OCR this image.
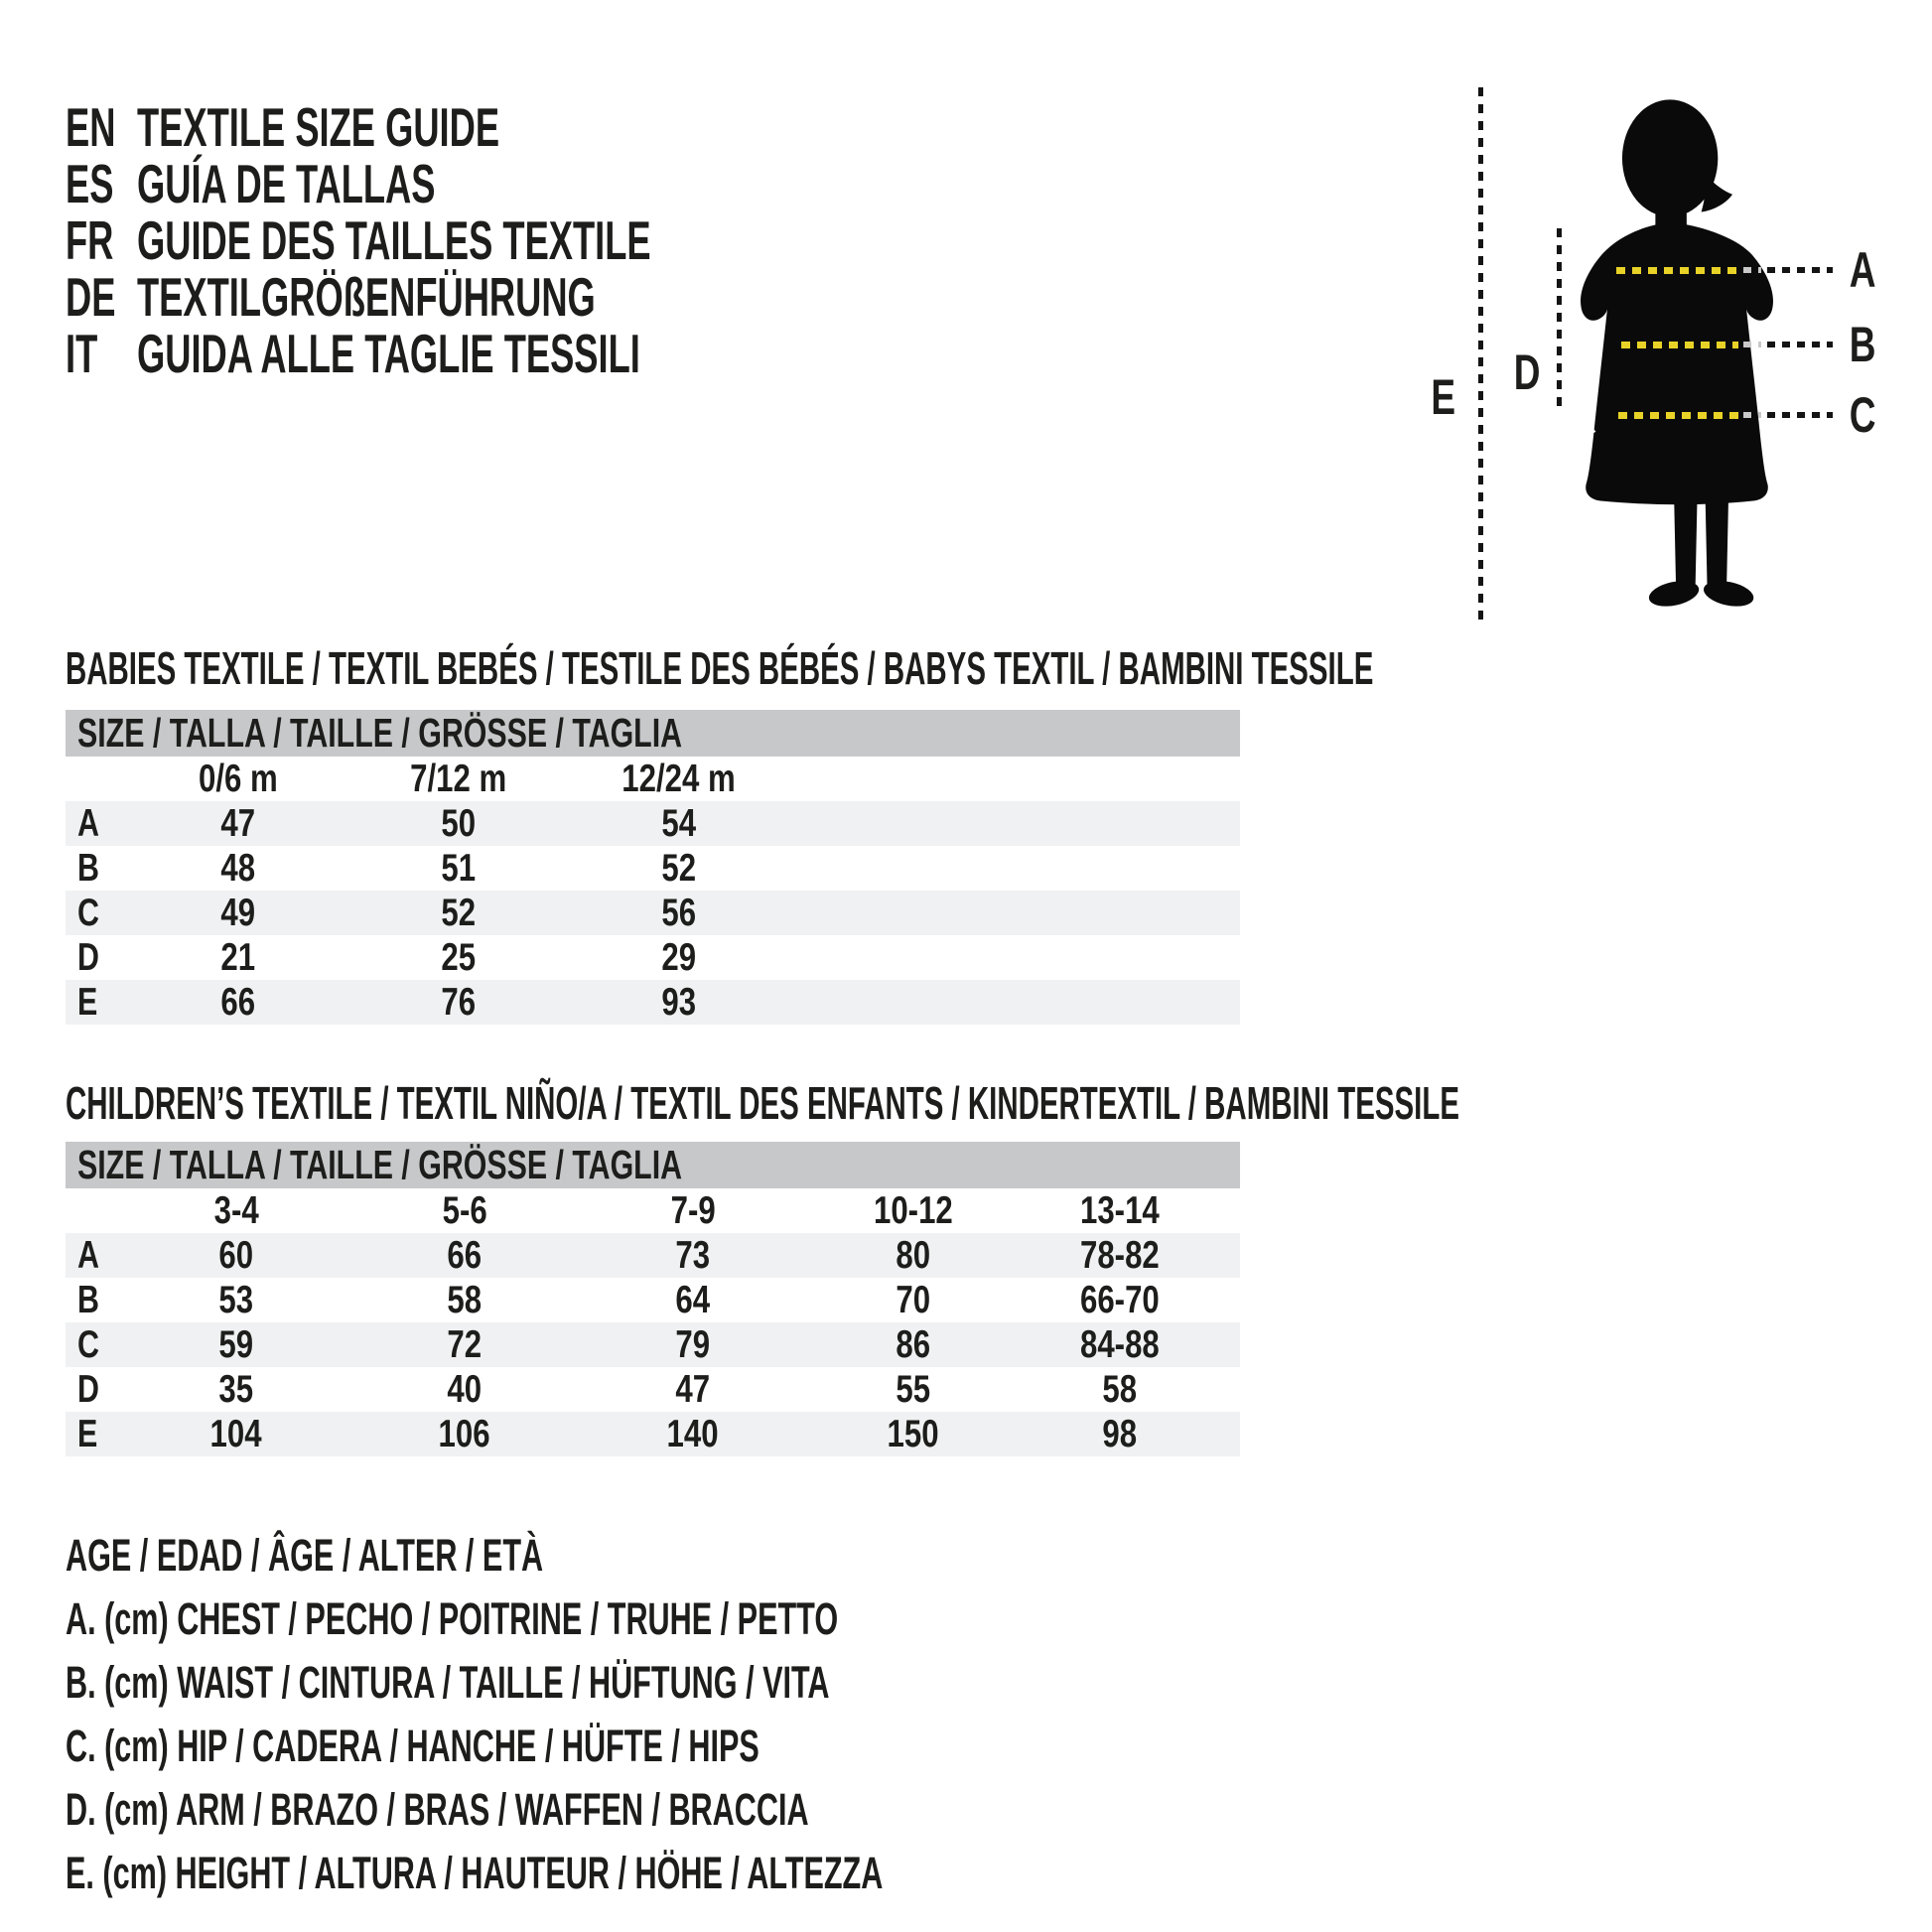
EN TEXTILE SIZE GUIDE
ES GUÍA DE TALLAS
FR GUIDE DES TAILLES TEXTILE
DE TEXTILGRÖßENFÜHRUNG
IT GUIDA ALLE TAGLIE TESSILI
E D
A
B
C
BABIES TEXTILE / TEXTIL BEBÉS / TESTILE DES BÉBÉS / BABYS TEXTIL / BAMBINI TESSILE
SIZE / TALLA / TAILLE / GRÖSSE / TAGLIA
0/6 m	7/12 m	12/24 m
A	47	50	54
B	48	51	52
C	49	52	56
D	21	25	29
E	66	76	93
CHILDREN’S TEXTILE / TEXTIL NIÑO/A / TEXTIL DES ENFANTS / KINDERTEXTIL / BAMBINI TESSILE
SIZE / TALLA / TAILLE / GRÖSSE / TAGLIA
3-4	5-6	7-9	10-12	13-14
A	60	66	73	80	78-82
B	53	58	64	70	66-70
C	59	72	79	86	84-88
D	35	40	47	55	58
E	104	106	140	150	98
AGE / EDAD / ÂGE / ALTER / ETÀ
A. (cm) CHEST / PECHO / POITRINE / TRUHE / PETTO
B. (cm) WAIST / CINTURA / TAILLE / HÜFTUNG / VITA
C. (cm) HIP / CADERA / HANCHE / HÜFTE / HIPS
D. (cm) ARM / BRAZO / BRAS / WAFFEN / BRACCIA
E. (cm) HEIGHT / ALTURA / HAUTEUR / HÖHE / ALTEZZA
